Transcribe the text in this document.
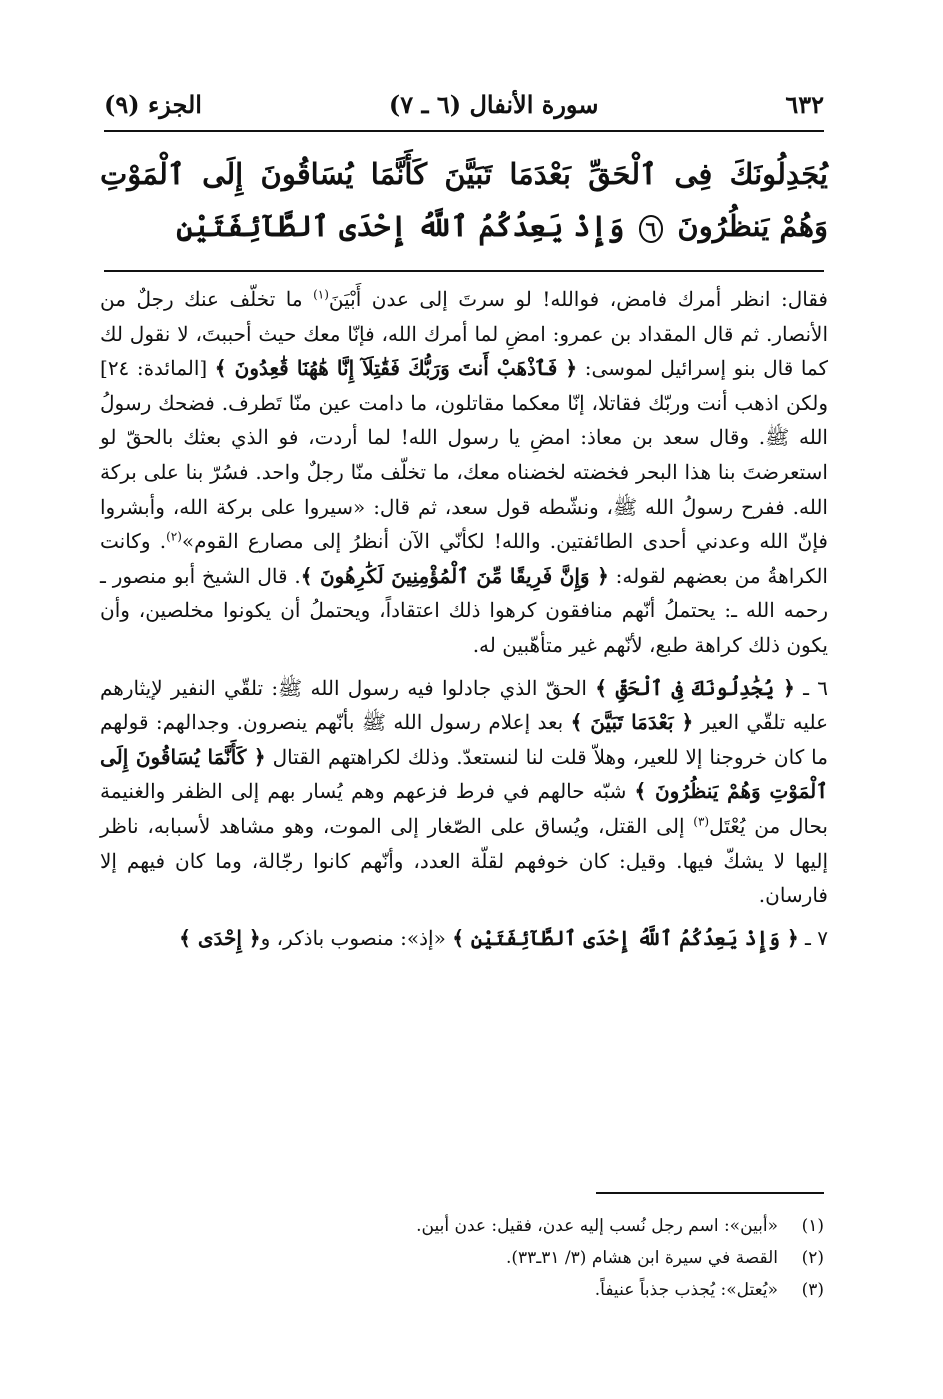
٦٣٢
سورة الأنفال (٦ ـ ٧)
الجزء (٩)
يُجَدِلُونَكَ فِى ٱلْحَقِّ بَعْدَمَا تَبَيَّنَ كَأَنَّمَا يُسَاقُونَ إِلَى ٱلْمَوْتِ وَهُمْ يَنظُرُونَ ٦ وَإِذْ يَعِدُكُمُ ٱللَّهُ إِحْدَى ٱلطَّآئِفَتَيْنِ

فقال: انظر أمرك فامض، فوالله! لو سرتَ إلى عدن أَبْيَنَ$^{(١)}$ ما تخلّف عنك رجلٌ من الأنصار. ثم قال المقداد بن عمرو: امضِ لما أمرك الله، فإنّا معك حيث أحببتَ، لا نقول لك كما قال بنو إسرائيل لموسى: ﴿ فَٱذْهَبْ أَنتَ وَرَبُّكَ فَقَٰتِلَآ إِنَّا هَٰهُنَا قَٰعِدُونَ ﴾ [المائدة: ٢٤] ولكن اذهب أنت وربّك فقاتلا، إنّا معكما مقاتلون، ما دامت عين منّا تَطرف. فضحك رسولُ الله ﷺ. وقال سعد بن معاذ: امضِ يا رسول الله! لما أردت، فو الذي بعثك بالحقّ لو استعرضتَ بنا هذا البحر فخضته لخضناه معك، ما تخلّف منّا رجلٌ واحد. فسُرّ بنا على بركة الله. ففرح رسولُ الله ﷺ، ونشّطه قول سعد، ثم قال: «سيروا على بركة الله، وأبشروا فإنّ الله وعدني أحدى الطائفتين. والله! لكأنّي الآن أنظرُ إلى مصارع القوم»$^{(٢)}$. وكانت الكراهةُ من بعضهم لقوله: ﴿ وَإِنَّ فَرِيقًا مِّنَ ٱلْمُؤْمِنِينَ لَكَٰرِهُونَ ﴾. قال الشيخ أبو منصور ـ رحمه الله ـ: يحتملُ أنّهم منافقون كرهوا ذلك اعتقاداً، ويحتملُ أن يكونوا مخلصين، وأن يكون ذلك كراهة طبع، لأنّهم غير متأهّبين له.

٦ ـ ﴿ يُجَٰدِلُونَكَ فِى ٱلْحَقِّ ﴾ الحقّ الذي جادلوا فيه رسول الله ﷺ: تلقّي النفير لإيثارهم عليه تلقّي العير ﴿ بَعْدَمَا تَبَيَّنَ ﴾ بعد إعلام رسول الله ﷺ بأنّهم ينصرون. وجدالهم: قولهم ما كان خروجنا إلا للعير، وهلاّ قلت لنا لنستعدّ. وذلك لكراهتهم القتال ﴿ كَأَنَّمَا يُسَاقُونَ إِلَى ٱلْمَوْتِ وَهُمْ يَنظُرُونَ ﴾ شبّه حالهم في فرط فزعهم وهم يُسار بهم إلى الظفر والغنيمة بحال من يُعْتَل$^{(٣)}$ إلى القتل، ويُساق على الصّغار إلى الموت، وهو مشاهد لأسبابه، ناظر إليها لا يشكّ فيها. وقيل: كان خوفهم لقلّة العدد، وأنّهم كانوا رجّالة، وما كان فيهم إلا فارسان.

٧ ـ ﴿ وَإِذْ يَعِدُكُمُ ٱللَّهُ إِحْدَى ٱلطَّآئِفَتَيْنِ ﴾ «إذ»: منصوب باذكر، و﴿ إِحْدَى ﴾

(١)
«أبين»: اسم رجل نُسب إليه عدن، فقيل: عدن أبين.
(٢)
القصة في سيرة ابن هشام (٣/ ٣١ـ٣٣).
(٣)
«يُعتل»: يُجذب جذباً عنيفاً.
